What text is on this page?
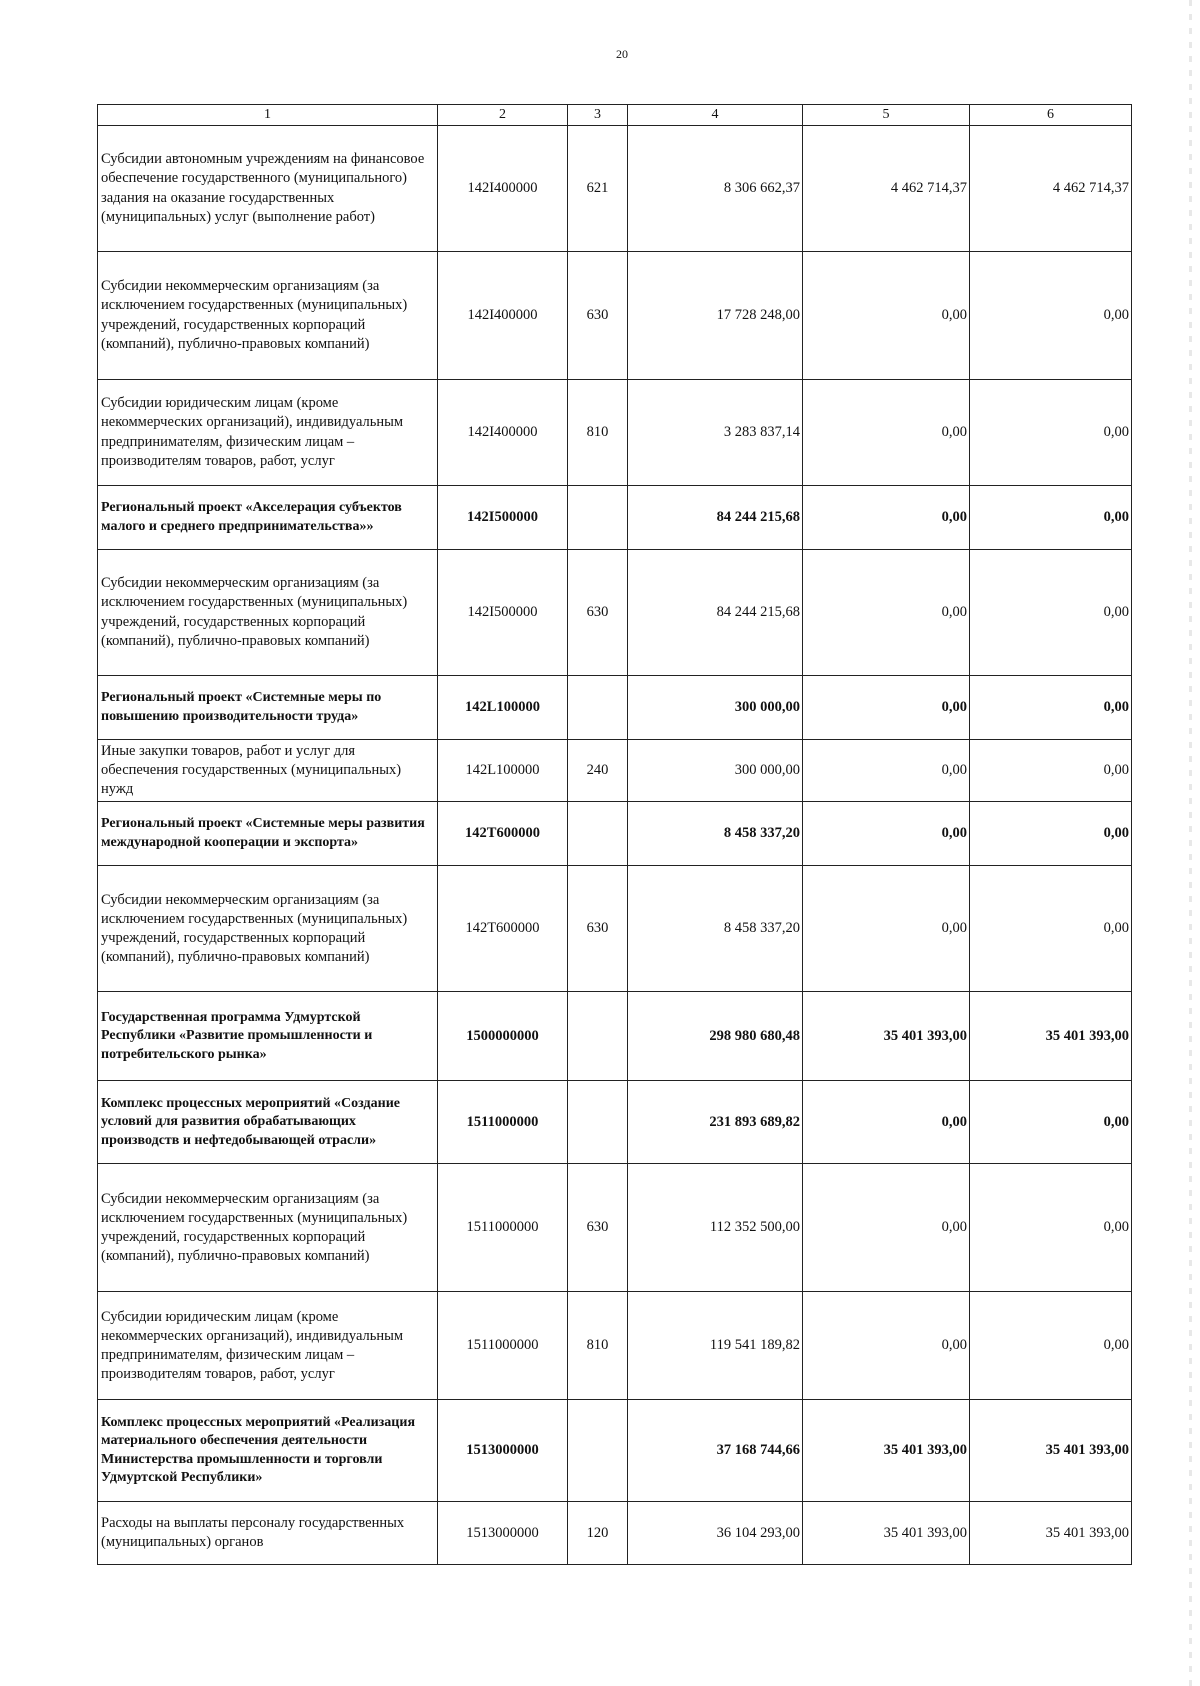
20
1	2	3	4	5	6
Субсидии автономным учреждениям на финансовое обеспечение государственного (муниципального) задания на оказание государственных (муниципальных) услуг (выполнение работ)	142I400000	621	8 306 662,37	4 462 714,37	4 462 714,37
Субсидии некоммерческим организациям (за исключением государственных (муниципальных) учреждений, государственных корпораций (компаний), публично-правовых компаний)	142I400000	630	17 728 248,00	0,00	0,00
Субсидии юридическим лицам (кроме некоммерческих организаций), индивидуальным предпринимателям, физическим лицам – производителям товаров, работ, услуг	142I400000	810	3 283 837,14	0,00	0,00
Региональный проект «Акселерация субъектов малого и среднего предпринимательства»»	142I500000		84 244 215,68	0,00	0,00
Субсидии некоммерческим организациям (за исключением государственных (муниципальных) учреждений, государственных корпораций (компаний), публично-правовых компаний)	142I500000	630	84 244 215,68	0,00	0,00
Региональный проект «Системные меры по повышению производительности труда»	142L100000		300 000,00	0,00	0,00
Иные закупки товаров, работ и услуг для обеспечения государственных (муниципальных) нужд	142L100000	240	300 000,00	0,00	0,00
Региональный проект «Системные меры развития международной кооперации и экспорта»	142T600000		8 458 337,20	0,00	0,00
Субсидии некоммерческим организациям (за исключением государственных (муниципальных) учреждений, государственных корпораций (компаний), публично-правовых компаний)	142T600000	630	8 458 337,20	0,00	0,00
Государственная программа Удмуртской Республики «Развитие промышленности и потребительского рынка»	1500000000		298 980 680,48	35 401 393,00	35 401 393,00
Комплекс процессных мероприятий «Создание условий для развития обрабатывающих производств и нефтедобывающей отрасли»	1511000000		231 893 689,82	0,00	0,00
Субсидии некоммерческим организациям (за исключением государственных (муниципальных) учреждений, государственных корпораций (компаний), публично-правовых компаний)	1511000000	630	112 352 500,00	0,00	0,00
Субсидии юридическим лицам (кроме некоммерческих организаций), индивидуальным предпринимателям, физическим лицам – производителям товаров, работ, услуг	1511000000	810	119 541 189,82	0,00	0,00
Комплекс процессных мероприятий «Реализация материального обеспечения деятельности Министерства промышленности и торговли Удмуртской Республики»	1513000000		37 168 744,66	35 401 393,00	35 401 393,00
Расходы на выплаты персоналу государственных (муниципальных) органов	1513000000	120	36 104 293,00	35 401 393,00	35 401 393,00
